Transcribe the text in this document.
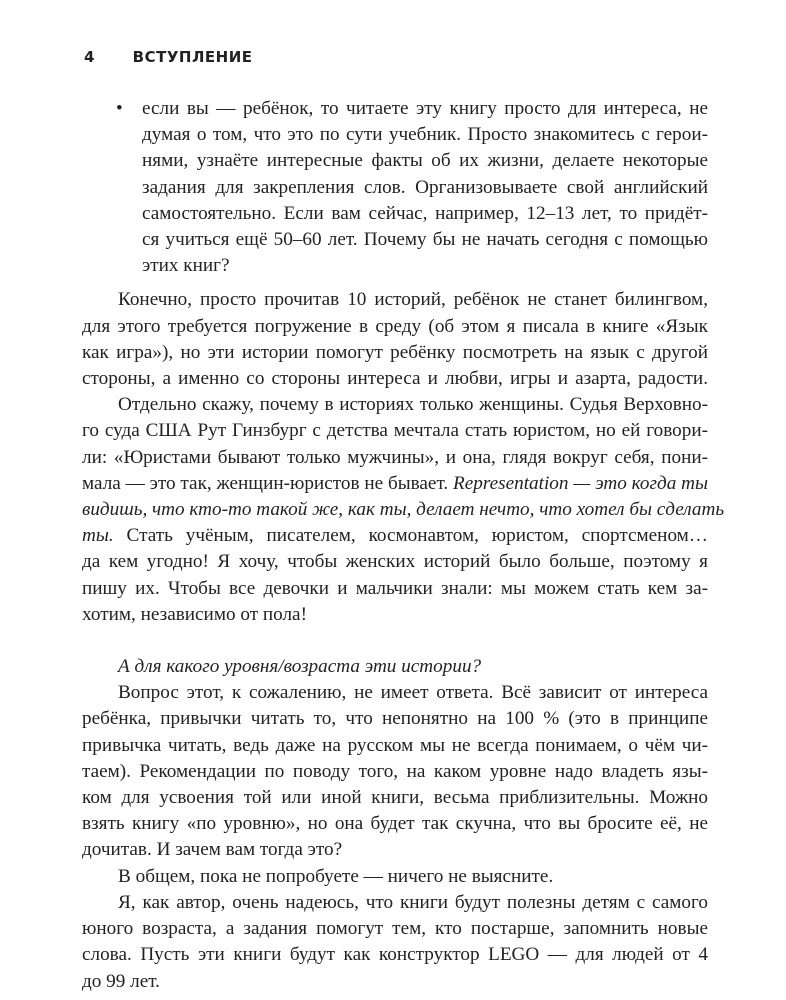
4	ВСТУПЛЕНИЕ
•	если вы — ребёнок, то читаете эту книгу просто для интереса, не
думая о том, что это по сути учебник. Просто знакомитесь с герои-
нями, узнаёте интересные факты об их жизни, делаете некоторые
задания для закрепления слов. Организовываете свой английский
самостоятельно. Если вам сейчас, например, 12–13 лет, то придёт-
ся учиться ещё 50–60 лет. Почему бы не начать сегодня с помощью
этих книг?
Конечно, просто прочитав 10 историй, ребёнок не станет билингвом,
для этого требуется погружение в среду (об этом я писала в книге «Язык
как игра»), но эти истории помогут ребёнку посмотреть на язык с другой
стороны, а именно со стороны интереса и любви, игры и азарта, радости.
Отдельно скажу, почему в историях только женщины. Судья Верховно-
го суда США Рут Гинзбург с детства мечтала стать юристом, но ей говори-
ли: «Юристами бывают только мужчины», и она, глядя вокруг себя, пони-
мала — это так, женщин-юристов не бывает. Representation — это когда ты
видишь, что кто-то такой же, как ты, делает нечто, что хотел бы сделать
ты. Стать учёным, писателем, космонавтом, юристом, спортсменом…
да кем угодно! Я хочу, чтобы женских историй было больше, поэтому я
пишу их. Чтобы все девочки и мальчики знали: мы можем стать кем за-
хотим, независимо от пола!
А для какого уровня/возраста эти истории?
Вопрос этот, к сожалению, не имеет ответа. Всё зависит от интереса
ребёнка, привычки читать то, что непонятно на 100 % (это в принципе
привычка читать, ведь даже на русском мы не всегда понимаем, о чём чи-
таем). Рекомендации по поводу того, на каком уровне надо владеть язы-
ком для усвоения той или иной книги, весьма приблизительны. Можно
взять книгу «по уровню», но она будет так скучна, что вы бросите её, не
дочитав. И зачем вам тогда это?
В общем, пока не попробуете — ничего не выясните.
Я, как автор, очень надеюсь, что книги будут полезны детям с самого
юного возраста, а задания помогут тем, кто постарше, запомнить новые
слова. Пусть эти книги будут как конструктор LEGO — для людей от 4
до 99 лет.
